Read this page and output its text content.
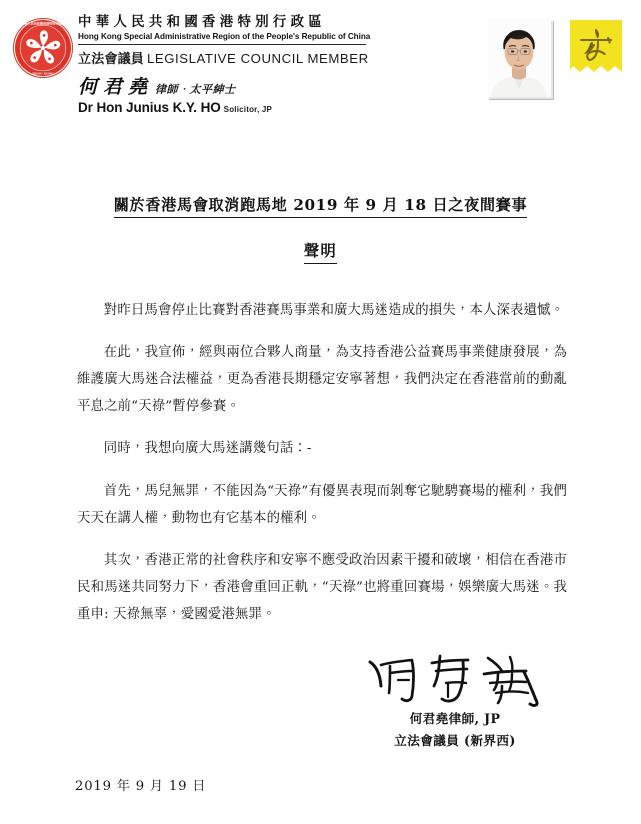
中華人民共和國香港特別行政區
HONG KONG
中華人民共和國香港特別行政區
Hong Kong Special Administrative Region of the People's Republic of China
立法會議員 LEGISLATIVE COUNCIL MEMBER
何君堯 律師．太平紳士
Dr Hon Junius K.Y. HO Solicitor, JP
關於香港馬會取消跑馬地 2019 年 9 月 18 日之夜間賽事
聲明

對昨日馬會停止比賽對香港賽馬事業和廣大馬迷造成的損失，本人深表遺憾。

在此，我宣佈，經與兩位合夥人商量，為支持香港公益賽馬事業健康發展，為維護廣大馬迷合法權益，更為香港長期穩定安寧著想，我們決定在香港當前的動亂平息之前“天祿”暫停參賽。

同時，我想向廣大馬迷講幾句話：-

首先，馬兒無罪，不能因為“天祿”有優異表現而剝奪它馳騁賽場的權利，我們天天在講人權，動物也有它基本的權利。

其次，香港正常的社會秩序和安寧不應受政治因素干擾和破壞，相信在香港市民和馬迷共同努力下，香港會重回正軌，“天祿”也將重回賽場，娛樂廣大馬迷。我重申: 天祿無辜，愛國愛港無罪。

何君堯律師, JP
立法會議員 (新界西)
2019 年 9 月 19 日
